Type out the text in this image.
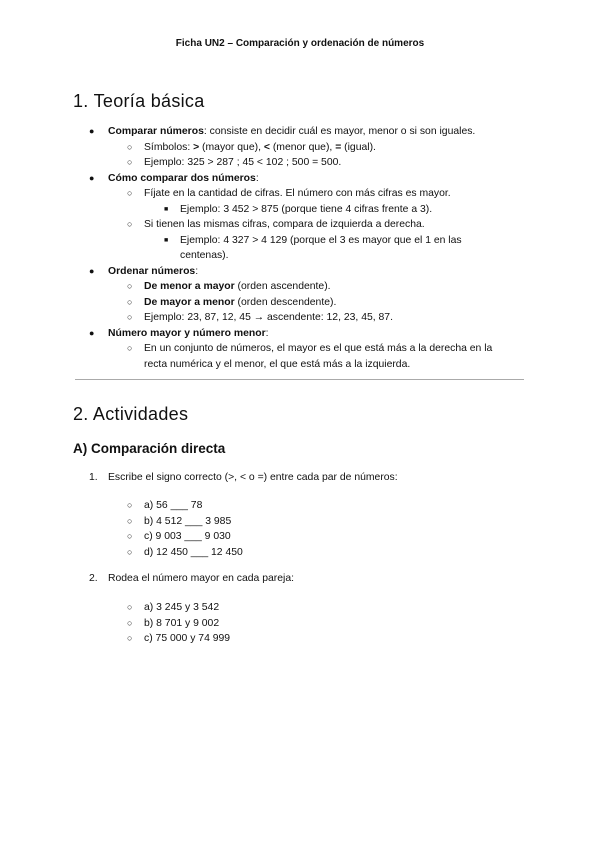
Ficha UN2 – Comparación y ordenación de números
1. Teoría básica
● Comparar números: consiste en decidir cuál es mayor, menor o si son iguales.
○ Símbolos: > (mayor que), < (menor que), = (igual).
○ Ejemplo: 325 > 287 ; 45 < 102 ; 500 = 500.
● Cómo comparar dos números:
○ Fíjate en la cantidad de cifras. El número con más cifras es mayor.
■ Ejemplo: 3 452 > 875 (porque tiene 4 cifras frente a 3).
○ Si tienen las mismas cifras, compara de izquierda a derecha.
■ Ejemplo: 4 327 > 4 129 (porque el 3 es mayor que el 1 en las
centenas).
● Ordenar números:
○ De menor a mayor (orden ascendente).
○ De mayor a menor (orden descendente).
○ Ejemplo: 23, 87, 12, 45 → ascendente: 12, 23, 45, 87.
● Número mayor y número menor:
○ En un conjunto de números, el mayor es el que está más a la derecha en la
recta numérica y el menor, el que está más a la izquierda.
2. Actividades
A) Comparación directa
1. Escribe el signo correcto (>, < o =) entre cada par de números:
○ a) 56 ___ 78
○ b) 4 512 ___ 3 985
○ c) 9 003 ___ 9 030
○ d) 12 450 ___ 12 450
2. Rodea el número mayor en cada pareja:
○ a) 3 245 y 3 542
○ b) 8 701 y 9 002
○ c) 75 000 y 74 999
